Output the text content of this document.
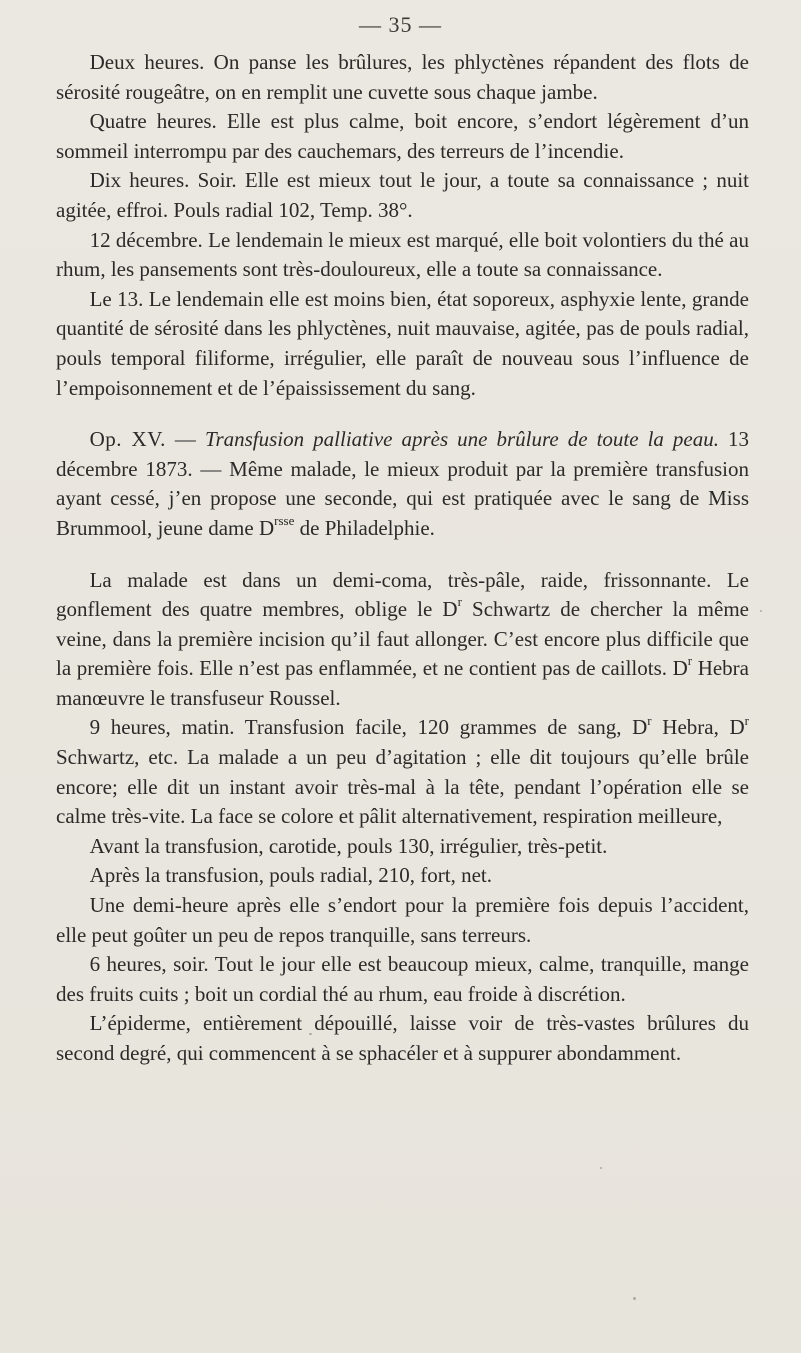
— 35 —

Deux heures. On panse les brûlures, les phlyctènes répandent des flots de sérosité rougeâtre, on en remplit une cuvette sous chaque jambe.

Quatre heures. Elle est plus calme, boit encore, s’endort légèrement d’un sommeil interrompu par des cauchemars, des terreurs de l’incendie.

Dix heures. Soir. Elle est mieux tout le jour, a toute sa connaissance ; nuit agitée, effroi. Pouls radial 102, Temp. 38°.

12 décembre. Le lendemain le mieux est marqué, elle boit volontiers du thé au rhum, les pansements sont très-douloureux, elle a toute sa connaissance.

Le 13. Le lendemain elle est moins bien, état soporeux, asphyxie lente, grande quantité de sérosité dans les phlyctènes, nuit mauvaise, agitée, pas de pouls radial, pouls temporal filiforme, irrégulier, elle paraît de nouveau sous l’influence de l’empoisonnement et de l’épaississement du sang.

Op. XV. — Transfusion palliative après une brûlure de toute la peau. 13 décembre 1873. — Même malade, le mieux produit par la première transfusion ayant cessé, j’en propose une seconde, qui est pratiquée avec le sang de Miss Brummool, jeune dame $D^{rsse}$ de Philadelphie.

La malade est dans un demi-coma, très-pâle, raide, frissonnante. Le gonflement des quatre membres, oblige le $D^r$ Schwartz de chercher la même veine, dans la première incision qu’il faut allonger. C’est encore plus difficile que la première fois. Elle n’est pas enflammée, et ne contient pas de caillots. $D^r$ Hebra manœuvre le transfuseur Roussel.

9 heures, matin. Transfusion facile, 120 grammes de sang, $D^r$ Hebra, $D^r$ Schwartz, etc. La malade a un peu d’agitation ; elle dit toujours qu’elle brûle encore; elle dit un instant avoir très-mal à la tête, pendant l’opération elle se calme très-vite. La face se colore et pâlit alternativement, respiration meilleure,

Avant la transfusion, carotide, pouls 130, irrégulier, très-petit.

Après la transfusion, pouls radial, 210, fort, net.

Une demi-heure après elle s’endort pour la première fois depuis l’accident, elle peut goûter un peu de repos tranquille, sans terreurs.

6 heures, soir. Tout le jour elle est beaucoup mieux, calme, tranquille, mange des fruits cuits ; boit un cordial thé au rhum, eau froide à discrétion.

L’épiderme, entièrement dépouillé, laisse voir de très-vastes brûlures du second degré, qui commencent à se sphacéler et à suppurer abondamment.
